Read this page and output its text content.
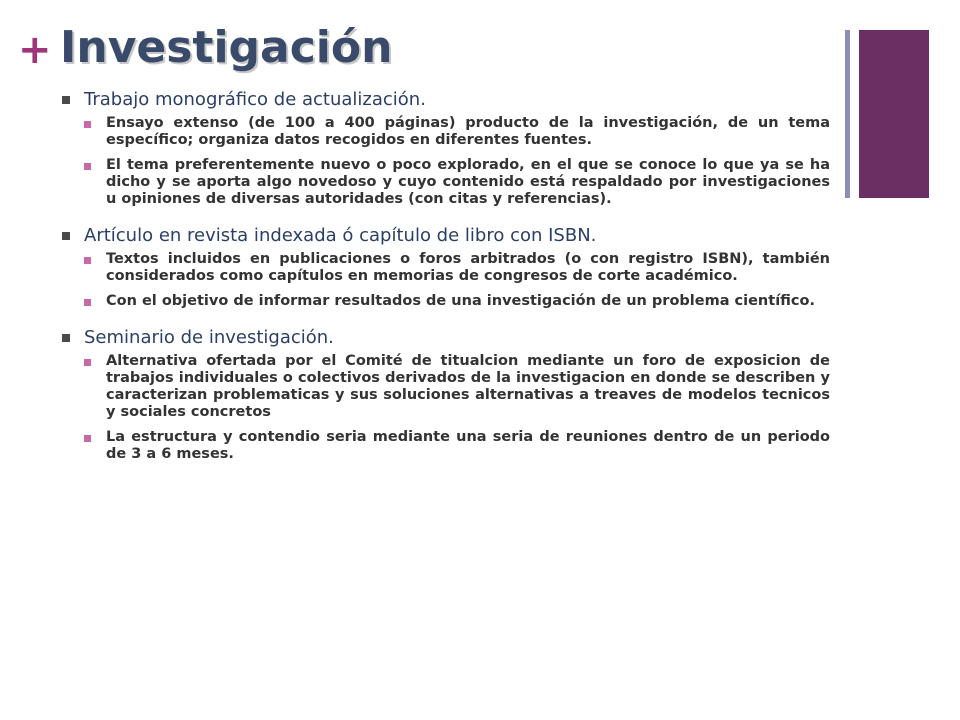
+ Investigación
Trabajo monográfico de actualización.
Ensayo extenso (de 100 a 400 páginas) producto de la investigación, de un tema específico; organiza datos recogidos en diferentes fuentes.
El tema preferentemente nuevo o poco explorado, en el que se conoce lo que ya se ha dicho y se aporta algo novedoso y cuyo contenido está respaldado por investigaciones u opiniones de diversas autoridades (con citas y referencias).
Artículo en revista indexada ó capítulo de libro con ISBN.
Textos incluidos en publicaciones o foros arbitrados (o con registro ISBN), también considerados como capítulos en memorias de congresos de corte académico.
Con el objetivo de informar resultados de una investigación de un problema científico.
Seminario de investigación.
Alternativa ofertada por el Comité de titualcion mediante un foro de exposicion de trabajos individuales o colectivos derivados de la investigacion en donde se describen y caracterizan problematicas y sus soluciones alternativas a treaves de modelos tecnicos y sociales concretos
La estructura y contendio seria mediante una seria de reuniones dentro de un periodo de 3 a 6 meses.
